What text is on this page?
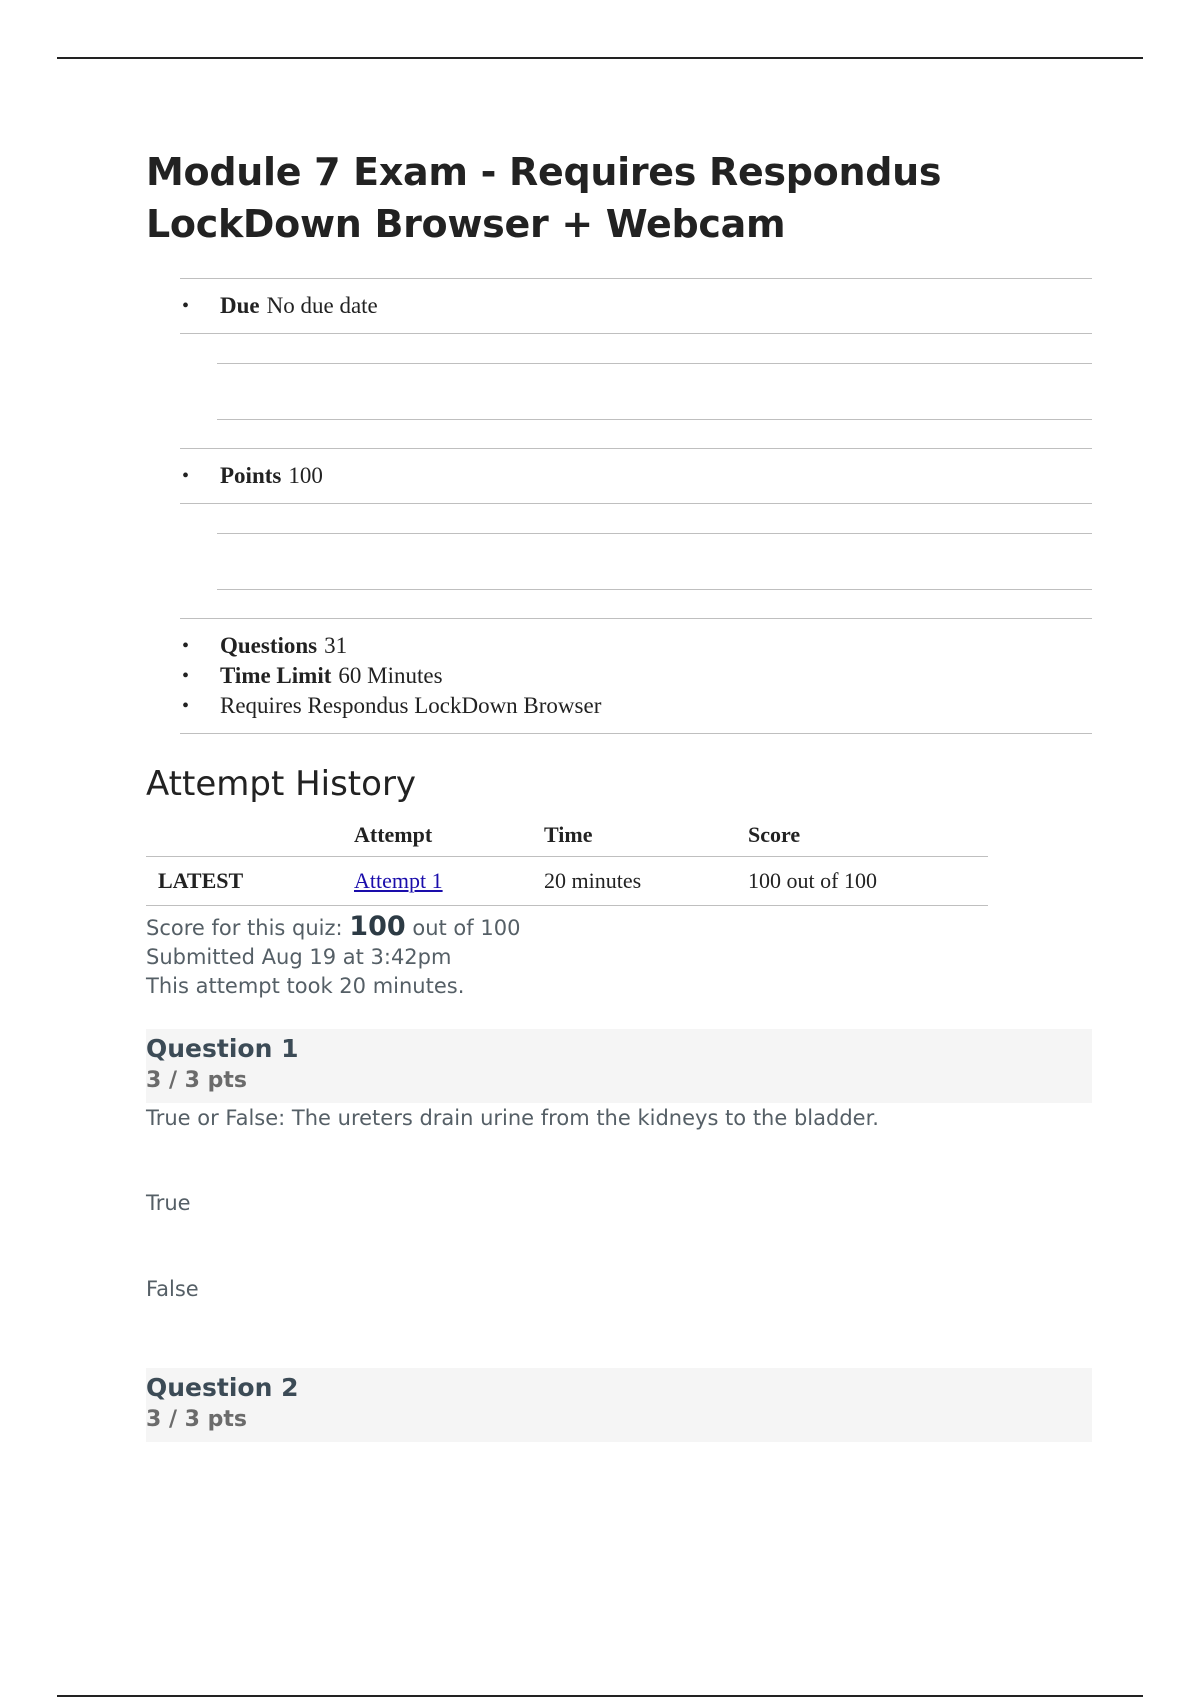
Module 7 Exam - Requires Respondus LockDown Browser + Webcam
•	Due No due date
•	Points 100
•	Questions 31
•	Time Limit 60 Minutes
•	Requires Respondus LockDown Browser
Attempt History
	Attempt	Time	Score
LATEST	Attempt 1	20 minutes	100 out of 100
Score for this quiz: 100 out of 100
Submitted Aug 19 at 3:42pm
This attempt took 20 minutes.
Question 1
3 / 3 pts
True or False: The ureters drain urine from the kidneys to the bladder.
True
False
Question 2
3 / 3 pts
